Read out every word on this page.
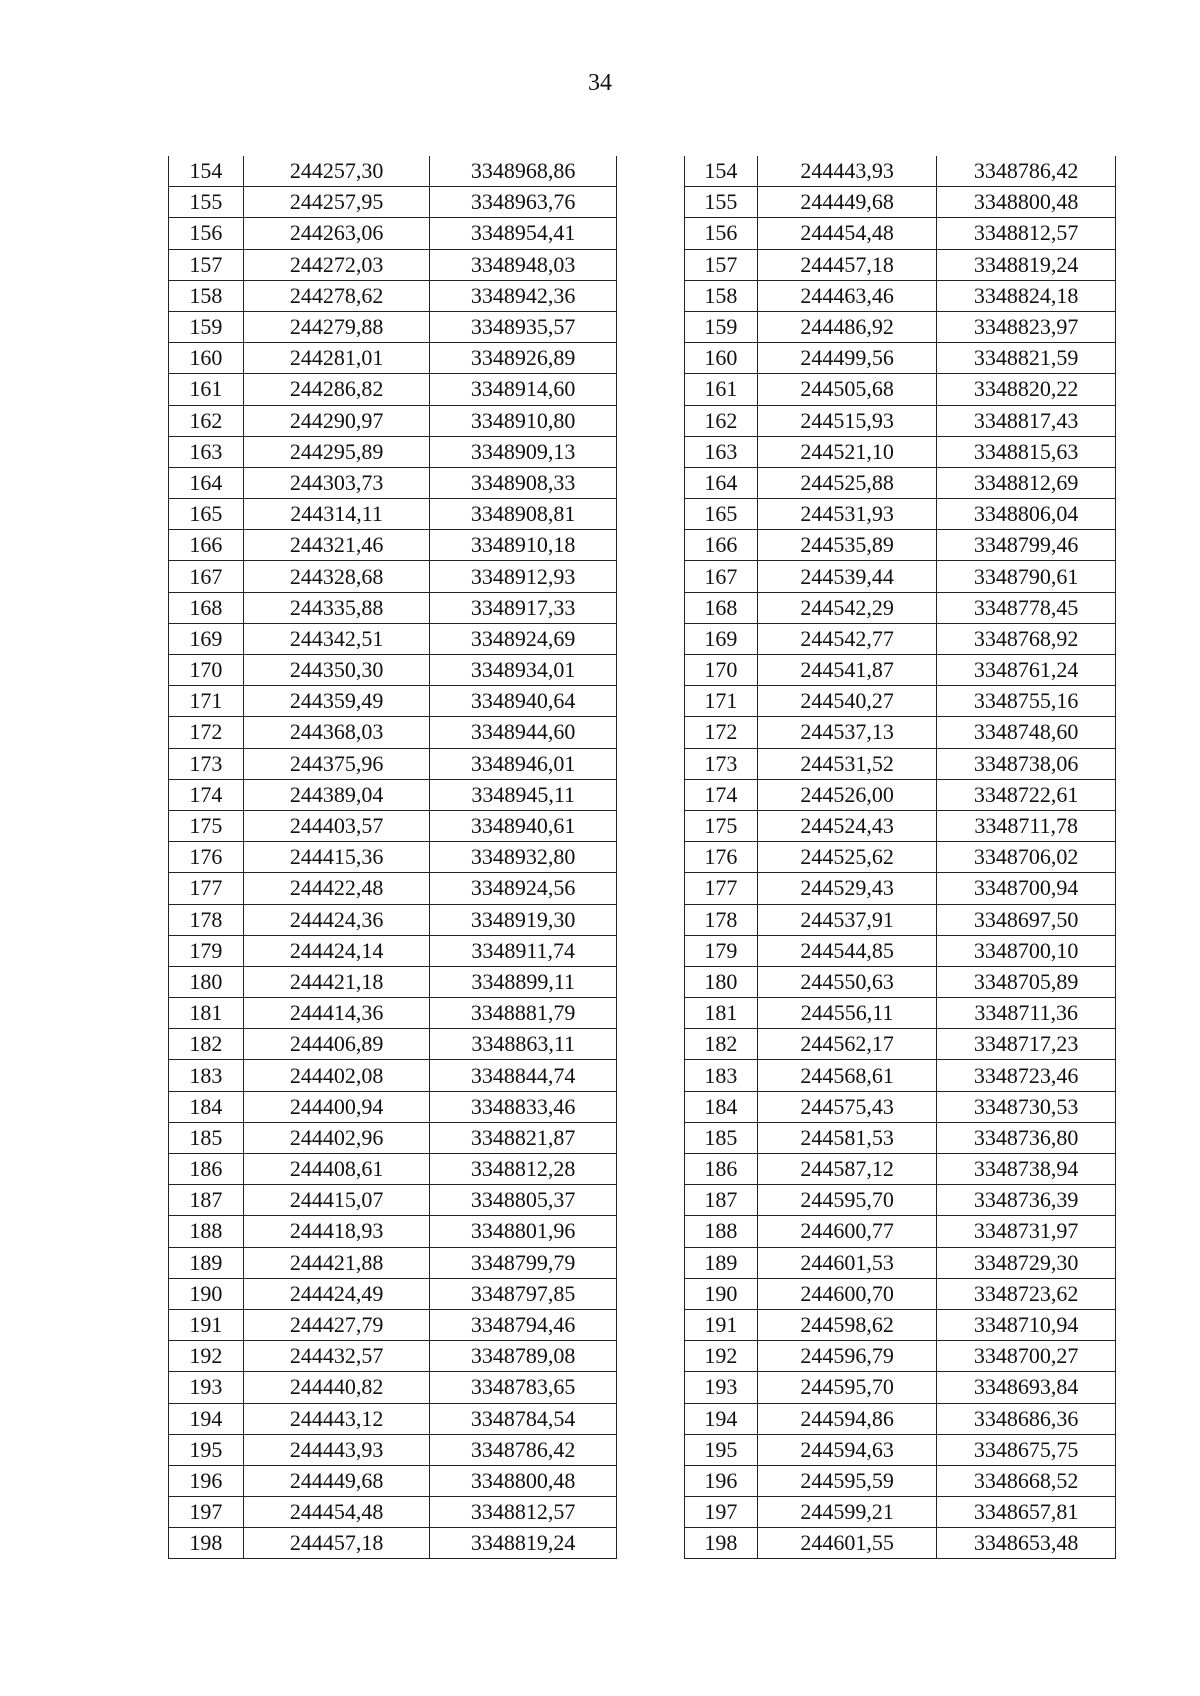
34
154	244257,30	3348968,86
155	244257,95	3348963,76
156	244263,06	3348954,41
157	244272,03	3348948,03
158	244278,62	3348942,36
159	244279,88	3348935,57
160	244281,01	3348926,89
161	244286,82	3348914,60
162	244290,97	3348910,80
163	244295,89	3348909,13
164	244303,73	3348908,33
165	244314,11	3348908,81
166	244321,46	3348910,18
167	244328,68	3348912,93
168	244335,88	3348917,33
169	244342,51	3348924,69
170	244350,30	3348934,01
171	244359,49	3348940,64
172	244368,03	3348944,60
173	244375,96	3348946,01
174	244389,04	3348945,11
175	244403,57	3348940,61
176	244415,36	3348932,80
177	244422,48	3348924,56
178	244424,36	3348919,30
179	244424,14	3348911,74
180	244421,18	3348899,11
181	244414,36	3348881,79
182	244406,89	3348863,11
183	244402,08	3348844,74
184	244400,94	3348833,46
185	244402,96	3348821,87
186	244408,61	3348812,28
187	244415,07	3348805,37
188	244418,93	3348801,96
189	244421,88	3348799,79
190	244424,49	3348797,85
191	244427,79	3348794,46
192	244432,57	3348789,08
193	244440,82	3348783,65
194	244443,12	3348784,54
195	244443,93	3348786,42
196	244449,68	3348800,48
197	244454,48	3348812,57
198	244457,18	3348819,24
154	244443,93	3348786,42
155	244449,68	3348800,48
156	244454,48	3348812,57
157	244457,18	3348819,24
158	244463,46	3348824,18
159	244486,92	3348823,97
160	244499,56	3348821,59
161	244505,68	3348820,22
162	244515,93	3348817,43
163	244521,10	3348815,63
164	244525,88	3348812,69
165	244531,93	3348806,04
166	244535,89	3348799,46
167	244539,44	3348790,61
168	244542,29	3348778,45
169	244542,77	3348768,92
170	244541,87	3348761,24
171	244540,27	3348755,16
172	244537,13	3348748,60
173	244531,52	3348738,06
174	244526,00	3348722,61
175	244524,43	3348711,78
176	244525,62	3348706,02
177	244529,43	3348700,94
178	244537,91	3348697,50
179	244544,85	3348700,10
180	244550,63	3348705,89
181	244556,11	3348711,36
182	244562,17	3348717,23
183	244568,61	3348723,46
184	244575,43	3348730,53
185	244581,53	3348736,80
186	244587,12	3348738,94
187	244595,70	3348736,39
188	244600,77	3348731,97
189	244601,53	3348729,30
190	244600,70	3348723,62
191	244598,62	3348710,94
192	244596,79	3348700,27
193	244595,70	3348693,84
194	244594,86	3348686,36
195	244594,63	3348675,75
196	244595,59	3348668,52
197	244599,21	3348657,81
198	244601,55	3348653,48
